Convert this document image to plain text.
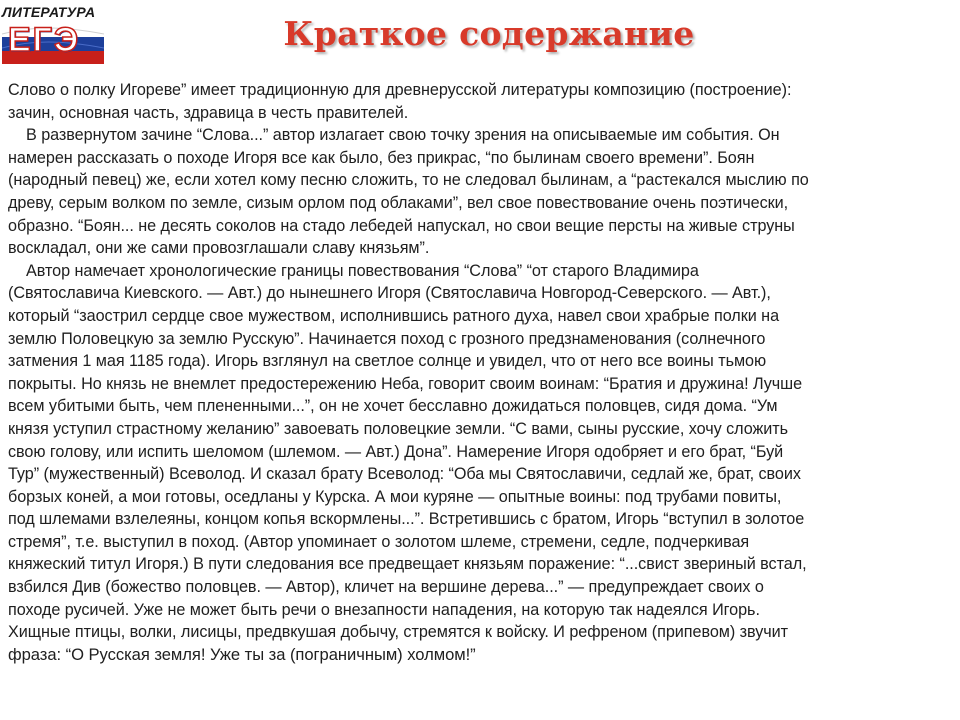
ЛИТЕРАТУРА
ЕГЭ	Краткое содержание

Слово о полку Игореве” имеет традиционную для древнерусской литературы композицию (построение):
зачин, основная часть, здравица в честь правителей.

В развернутом зачине “Слова...” автор излагает свою точку зрения на описываемые им события. Он
намерен рассказать о походе Игоря все как было, без прикрас, “по былинам своего времени”. Боян
(народный певец) же, если хотел кому песню сложить, то не следовал былинам, а “растекался мыслию по
древу, серым волком по земле, сизым орлом под облаками”, вел свое повествование очень поэтически,
образно. “Боян... не десять соколов на стадо лебедей напускал, но свои вещие персты на живые струны
воскладал, они же сами провозглашали славу князьям”.

Автор намечает хронологические границы повествования “Слова” “от старого Владимира
(Святославича Киевского. — Авт.) до нынешнего Игоря (Святославича Новгород-Северского. — Авт.),
который “заострил сердце свое мужеством, исполнившись ратного духа, навел свои храбрые полки на
землю Половецкую за землю Русскую”. Начинается поход с грозного предзнаменования (солнечного
затмения 1 мая 1185 года). Игорь взглянул на светлое солнце и увидел, что от него все воины тьмою
покрыты. Но князь не внемлет предостережению Неба, говорит своим воинам: “Братия и дружина! Лучше
всем убитыми быть, чем плененными...”, он не хочет бесславно дожидаться половцев, сидя дома. “Ум
князя уступил страстному желанию” завоевать половецкие земли. “С вами, сыны русские, хочу сложить
свою голову, или испить шеломом (шлемом. — Авт.) Дона”. Намерение Игоря одобряет и его брат, “Буй
Тур” (мужественный) Всеволод. И сказал брату Всеволод: “Оба мы Святославичи, седлай же, брат, своих
борзых коней, а мои готовы, оседланы у Курска. А мои куряне — опытные воины: под трубами повиты,
под шлемами взлелеяны, концом копья вскормлены...”. Встретившись с братом, Игорь “вступил в золотое
стремя”, т.е. выступил в поход. (Автор упоминает о золотом шлеме, стремени, седле, подчеркивая
княжеский титул Игоря.) В пути следования все предвещает князьям поражение: “...свист звериный встал,
взбился Див (божество половцев. — Автор), кличет на вершине дерева...” — предупреждает своих о
походе русичей. Уже не может быть речи о внезапности нападения, на которую так надеялся Игорь.
Хищные птицы, волки, лисицы, предвкушая добычу, стремятся к войску. И рефреном (припевом) звучит
фраза: “О Русская земля! Уже ты за (пограничным) холмом!”
